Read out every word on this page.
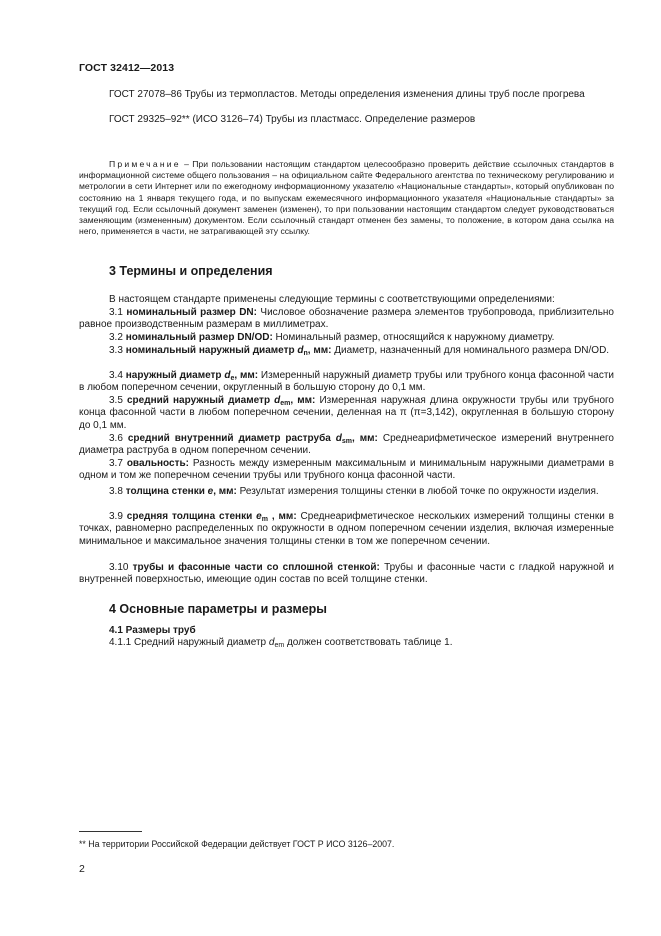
ГОСТ 32412—2013
ГОСТ 27078–86 Трубы из термопластов. Методы определения изменения длины труб после прогрева
ГОСТ 29325–92** (ИСО 3126–74) Трубы из пластмасс. Определение размеров
Примечание – При пользовании настоящим стандартом целесообразно проверить действие ссылочных стандартов в информационной системе общего пользования – на официальном сайте Федерального агентства по техническому регулированию и метрологии в сети Интернет или по ежегодному информационному указателю «Национальные стандарты», который опубликован по состоянию на 1 января текущего года, и по выпускам ежемесячного информационного указателя «Национальные стандарты» за текущий год. Если ссылочный документ заменен (изменен), то при пользовании настоящим стандартом следует руководствоваться заменяющим (измененным) документом. Если ссылочный стандарт отменен без замены, то положение, в котором дана ссылка на него, применяется в части, не затрагивающей эту ссылку.
3 Термины и определения
В настоящем стандарте применены следующие термины с соответствующими определениями:
3.1 номинальный размер DN: Числовое обозначение размера элементов трубопровода, приблизительно равное производственным размерам в миллиметрах.
3.2 номинальный размер DN/OD: Номинальный размер, относящийся к наружному диаметру.
3.3 номинальный наружный диаметр $d_n$, мм: Диаметр, назначенный для номинального размера DN/OD.
3.4 наружный диаметр $d_e$, мм: Измеренный наружный диаметр трубы или трубного конца фасонной части в любом поперечном сечении, округленный в большую сторону до 0,1 мм.
3.5 средний наружный диаметр $d_{em}$, мм: Измеренная наружная длина окружности трубы или трубного конца фасонной части в любом поперечном сечении, деленная на π (π=3,142), округленная в большую сторону до 0,1 мм.
3.6 средний внутренний диаметр раструба $d_{sm}$, мм: Среднеарифметическое измерений внутреннего диаметра раструба в одном поперечном сечении.
3.7 овальность: Разность между измеренным максимальным и минимальным наружными диаметрами в одном и том же поперечном сечении трубы или трубного конца фасонной части.
3.8 толщина стенки e, мм: Результат измерения толщины стенки в любой точке по окружности изделия.
3.9 средняя толщина стенки $e_m$ , мм: Среднеарифметическое нескольких измерений толщины стенки в точках, равномерно распределенных по окружности в одном поперечном сечении изделия, включая измеренные минимальное и максимальное значения толщины стенки в том же поперечном сечении.
3.10 трубы и фасонные части со сплошной стенкой: Трубы и фасонные части с гладкой наружной и внутренней поверхностью, имеющие один состав по всей толщине стенки.
4 Основные параметры и размеры
4.1 Размеры труб
4.1.1 Средний наружный диаметр $d_{em}$ должен соответствовать таблице 1.
** На территории Российской Федерации действует ГОСТ Р ИСО 3126–2007.
2
